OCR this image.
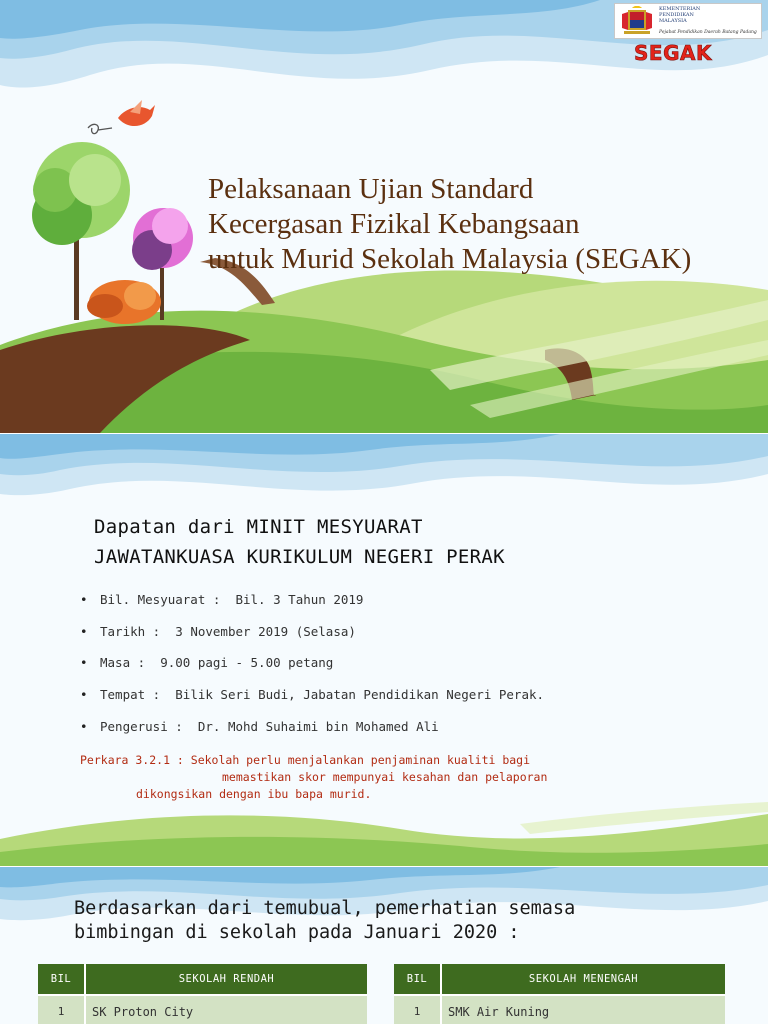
KEMENTERIAN
PENDIDIKAN
MALAYSIA
Pejabat Pendidikan Daerah Batang Padang
SEGAK
Pelaksanaan Ujian Standard
Kecergasan Fizikal Kebangsaan
untuk Murid Sekolah Malaysia (SEGAK)
Dapatan dari MINIT MESYUARAT
JAWATANKUASA KURIKULUM NEGERI PERAK
• Bil. Mesyuarat : Bil. 3 Tahun 2019
• Tarikh : 3 November 2019 (Selasa)
• Masa : 9.00 pagi - 5.00 petang
• Tempat : Bilik Seri Budi, Jabatan Pendidikan Negeri Perak.
• Pengerusi : Dr. Mohd Suhaimi bin Mohamed Ali
Perkara 3.2.1 : Sekolah perlu menjalankan penjaminan kualiti bagi
memastikan skor mempunyai kesahan dan pelaporan
dikongsikan dengan ibu bapa murid.
Berdasarkan dari temubual, pemerhatian semasa
bimbingan di sekolah pada Januari 2020 :
BIL	SEKOLAH RENDAH
1	SK Proton City
BIL	SEKOLAH MENENGAH
1	SMK Air Kuning
